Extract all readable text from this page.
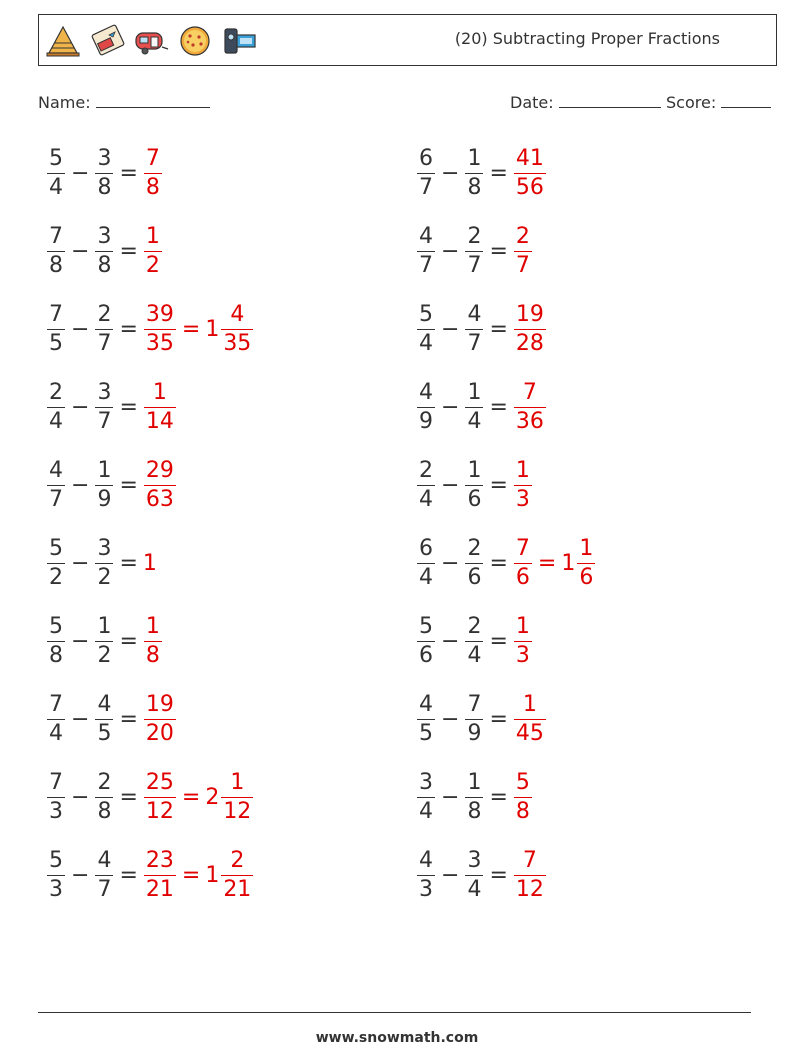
(20) Subtracting Proper Fractions
Name:	Date:	Score:
$\frac{5}{4} - \frac{3}{8} = \frac{7}{8}$	$\frac{6}{7} - \frac{1}{8} = \frac{41}{56}$
$\frac{7}{8} - \frac{3}{8} = \frac{1}{2}$	$\frac{4}{7} - \frac{2}{7} = \frac{2}{7}$
$\frac{7}{5} - \frac{2}{7} = \frac{39}{35} = 1 \frac{4}{35}$	$\frac{5}{4} - \frac{4}{7} = \frac{19}{28}$
$\frac{2}{4} - \frac{3}{7} = \frac{1}{14}$	$\frac{4}{9} - \frac{1}{4} = \frac{7}{36}$
$\frac{4}{7} - \frac{1}{9} = \frac{29}{63}$	$\frac{2}{4} - \frac{1}{6} = \frac{1}{3}$
$\frac{5}{2} - \frac{3}{2} = 1$	$\frac{6}{4} - \frac{2}{6} = \frac{7}{6} = 1 \frac{1}{6}$
$\frac{5}{8} - \frac{1}{2} = \frac{1}{8}$	$\frac{5}{6} - \frac{2}{4} = \frac{1}{3}$
$\frac{7}{4} - \frac{4}{5} = \frac{19}{20}$	$\frac{4}{5} - \frac{7}{9} = \frac{1}{45}$
$\frac{7}{3} - \frac{2}{8} = \frac{25}{12} = 2 \frac{1}{12}$	$\frac{3}{4} - \frac{1}{8} = \frac{5}{8}$
$\frac{5}{3} - \frac{4}{7} = \frac{23}{21} = 1 \frac{2}{21}$	$\frac{4}{3} - \frac{3}{4} = \frac{7}{12}$
www.snowmath.com
